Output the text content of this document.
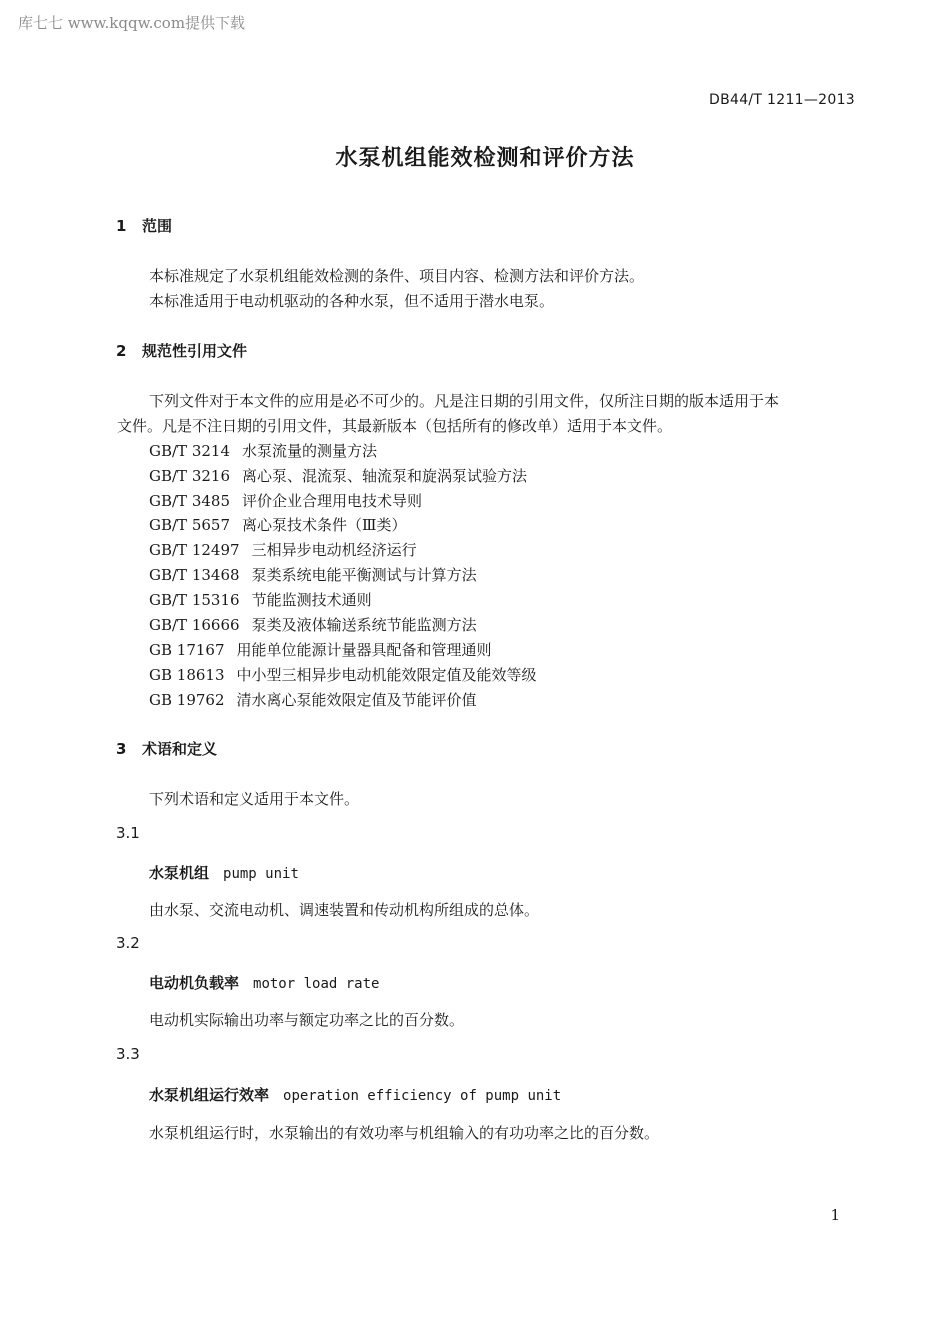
库七七 www.kqqw.com提供下载
DB44/T 1211—2013
水泵机组能效检测和评价方法
1 范围
本标准规定了水泵机组能效检测的条件、项目内容、检测方法和评价方法。
本标准适用于电动机驱动的各种水泵，但不适用于潜水电泵。
2 规范性引用文件
下列文件对于本文件的应用是必不可少的。凡是注日期的引用文件，仅所注日期的版本适用于本
文件。凡是不注日期的引用文件，其最新版本（包括所有的修改单）适用于本文件。
GB/T 3214 水泵流量的测量方法
GB/T 3216 离心泵、混流泵、轴流泵和旋涡泵试验方法
GB/T 3485 评价企业合理用电技术导则
GB/T 5657 离心泵技术条件（Ⅲ类）
GB/T 12497 三相异步电动机经济运行
GB/T 13468 泵类系统电能平衡测试与计算方法
GB/T 15316 节能监测技术通则
GB/T 16666 泵类及液体输送系统节能监测方法
GB 17167 用能单位能源计量器具配备和管理通则
GB 18613 中小型三相异步电动机能效限定值及能效等级
GB 19762 清水离心泵能效限定值及节能评价值
3 术语和定义
下列术语和定义适用于本文件。
3.1
水泵机组 pump unit
由水泵、交流电动机、调速装置和传动机构所组成的总体。
3.2
电动机负载率 motor load rate
电动机实际输出功率与额定功率之比的百分数。
3.3
水泵机组运行效率 operation efficiency of pump unit
水泵机组运行时，水泵输出的有效功率与机组输入的有功功率之比的百分数。
1
